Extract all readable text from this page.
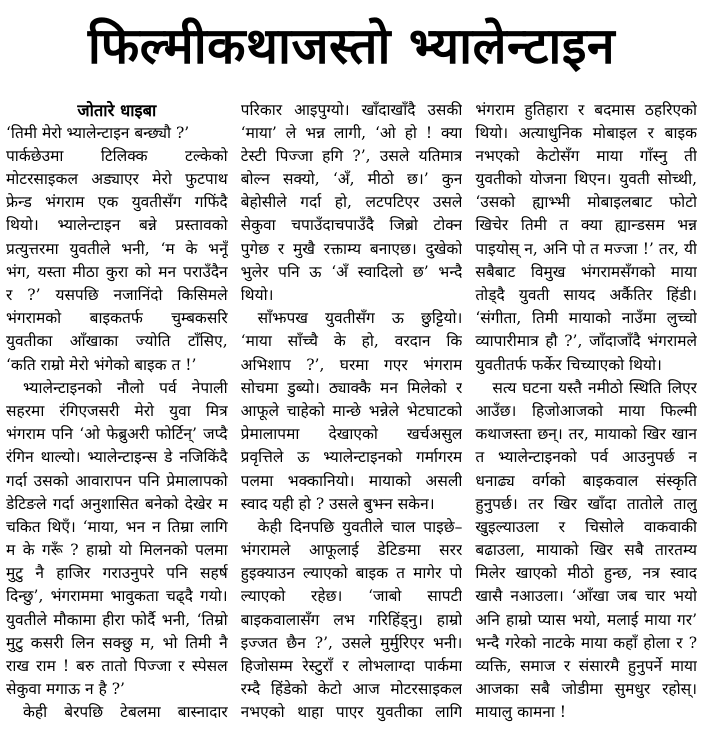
फिल्मीकथाजस्तो भ्यालेन्टाइन
जोतारे धाइबा
‘तिमी मेरो भ्यालेन्टाइन बन्छ्यौ ?’
पार्कछेउमा टिलिक्क टल्केको
मोटरसाइकल अड्याएर मेरो फुटपाथ
फ्रेन्ड भंगराम एक युवतीसँग गफिंदै
थियो। भ्यालेन्टाइन बन्ने प्रस्तावको
प्रत्युत्तरमा युवतीले भनी, ‘म के भनूँ
भंग, यस्ता मीठा कुरा को मन पराउँदैन
र ?’ यसपछि नजानिंदो किसिमले
भंगरामको बाइकतर्फ चुम्बकसरि
युवतीका आँखाका ज्योति टाँसिए,
‘कति राम्रो मेरो भंगेको बाइक त !’
भ्यालेन्टाइनको नौलो पर्व नेपाली
सहरमा रंगिएजसरी मेरो युवा मित्र
भंगराम पनि ‘ओ फेब्रुअरी फोर्टिन्’ जप्दै
रंगिन थाल्यो। भ्यालेन्टाइन्स डे नजिकिंदै
गर्दा उसको आवारापन पनि प्रेमालापको
डेटिङले गर्दा अनुशासित बनेको देखेर म
चकित थिएँ। ‘माया, भन न तिम्रा लागि
म के गरूँ ? हाम्रो यो मिलनको पलमा
मुटु नै हाजिर गराउनुपरे पनि सहर्ष
दिन्छु’, भंगराममा भावुकता चढ्दै गयो।
युवतीले मौकामा हीरा फोर्दै भनी, ‘तिम्रो
मुटु कसरी लिन सक्छु म, भो तिमी नै
राख राम ! बरु तातो पिज्जा र स्पेसल
सेकुवा मगाऊ न है ?’
केही बेरपछि टेबलमा बास्नादार
परिकार आइपुग्यो। खाँदाखाँदै उसकी
‘माया’ ले भन्न लागी, ‘ओ हो ! क्या
टेस्टी पिज्जा हगि ?’, उसले यतिमात्र
बोल्न सक्यो, ‘अँ, मीठो छ।’ कुन
बेहोसीले गर्दा हो, लटपटिएर उसले
सेकुवा चपाउँदाचपाउँदै जिब्रो टोक्न
पुगेछ र मुखै रक्ताम्य बनाएछ। दुखेको
भुलेर पनि ऊ ‘अँ स्वादिलो छ’ भन्दै
थियो।
साँझपख युवतीसँग ऊ छुट्टियो।
‘माया साँच्चै के हो, वरदान कि
अभिशाप ?’, घरमा गएर भंगराम
सोचमा डुब्यो। ठ्याक्कै मन मिलेको र
आफूले चाहेको मान्छे भन्नेले भेटघाटको
प्रेमालापमा देखाएको खर्चअसुल
प्रवृत्तिले ऊ भ्यालेन्टाइनको गर्मागरम
पलमा भक्कानियो। मायाको असली
स्वाद यही हो ? उसले बुझ्न सकेन।
केही दिनपछि युवतीले चाल पाइछे–
भंगरामले आफूलाई डेटिङमा सरर
हुइक्याउन ल्याएको बाइक त मागेर पो
ल्याएको रहेछ। ‘जाबो सापटी
बाइकवालासँग लभ गरिहिंड्नु। हाम्रो
इज्जत छैन ?’, उसले मुर्मुरिएर भनी।
हिजोसम्म रेस्टुराँ र लोभलाग्दा पार्कमा
रम्दै हिंडेको केटो आज मोटरसाइकल
नभएको थाहा पाएर युवतीका लागि
भंगराम हुतिहारा र बदमास ठहरिएको
थियो। अत्याधुनिक मोबाइल र बाइक
नभएको केटोसँग माया गाँस्नु ती
युवतीको योजना थिएन। युवती सोच्थी,
‘उसको ह्याभ्भी मोबाइलबाट फोटो
खिचेर तिमी त क्या ह्यान्डसम भन्न
पाइयोस् न, अनि पो त मज्जा !’ तर, यी
सबैबाट विमुख भंगरामसँगको माया
तोड्दै युवती सायद अर्कैतिर हिंडी।
‘संगीता, तिमी मायाको नाउँमा लुच्चो
व्यापारीमात्र हौ ?’, जाँदाजाँदै भंगरामले
युवतीतर्फ फर्केर चिच्याएको थियो।
सत्य घटना यस्तै नमीठो स्थिति लिएर
आउँछ। हिजोआजको माया फिल्मी
कथाजस्ता छन्। तर, मायाको खिर खान
त भ्यालेन्टाइनको पर्व आउनुपर्छ न
धनाढ्य वर्गको बाइकवाल संस्कृति
हुनुपर्छ। तर खिर खाँदा तातोले तालु
खुइल्याउला र चिसोले वाकवाकी
बढाउला, मायाको खिर सबै तारतम्य
मिलेर खाएको मीठो हुन्छ, नत्र स्वाद
खासै नआउला। ‘आँखा जब चार भयो
अनि हाम्रो प्यास भयो, मलाई माया गर’
भन्दै गरेको नाटके माया कहाँ होला र ?
व्यक्ति, समाज र संसारमै हुनुपर्ने माया
आजका सबै जोडीमा सुमधुर रहोस्।
मायालु कामना !
